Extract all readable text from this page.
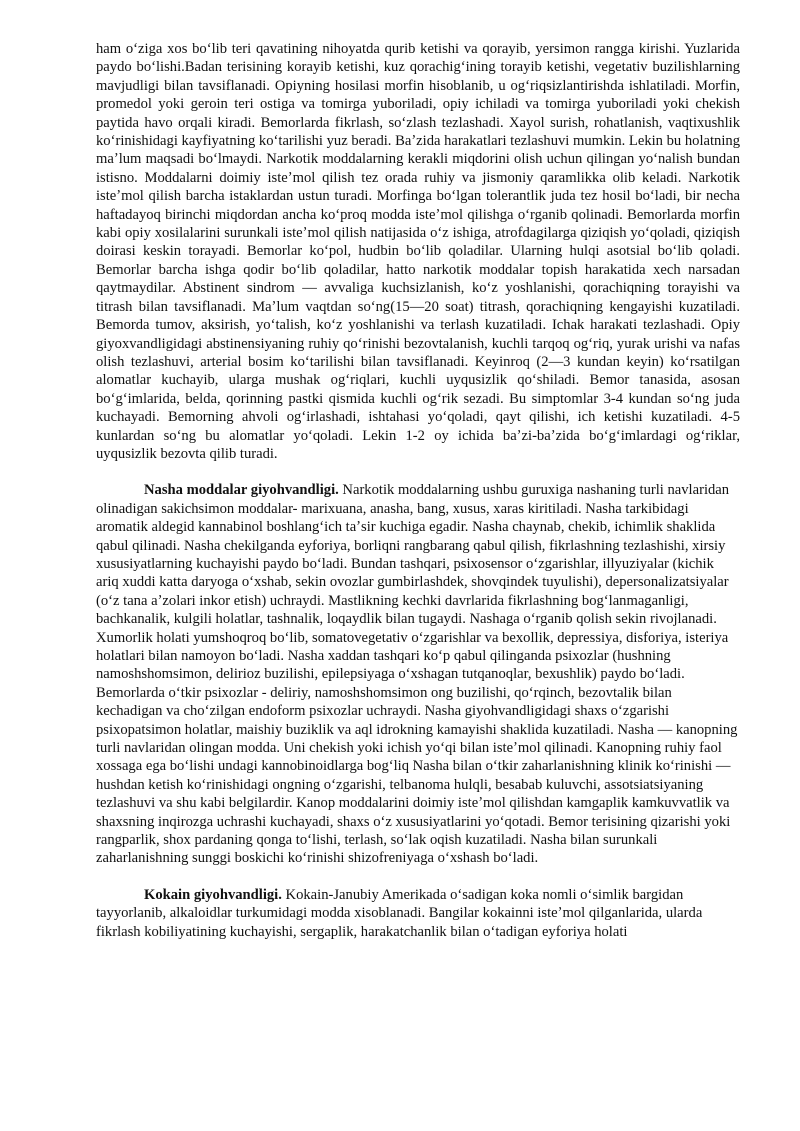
ham oʻziga xos boʻlib teri qavatining nihoyatda qurib ketishi va qorayib, yersimon rangga kirishi. Yuzlarida paydo boʻlishi.Badan terisining korayib ketishi, kuz qorachigʻining torayib ketishi, vegetativ buzilishlarning mavjudligi bilan tavsiflanadi. Opiyning hosilasi morfin hisoblanib, u ogʻriqsizlantirishda ishlatiladi. Morfin, promedol yoki geroin teri ostiga va tomirga yuboriladi, opiy ichiladi va tomirga yuboriladi yoki chekish paytida havo orqali kiradi. Bemorlarda fikrlash, soʻzlash tezlashadi. Xayol surish, rohatlanish, vaqtixushlik koʻrinishidagi kayfiyatning koʻtarilishi yuz beradi. Baʼzida harakatlari tezlashuvi mumkin. Lekin bu holatning maʼlum maqsadi boʻlmaydi. Narkotik moddalarning kerakli miqdorini olish uchun qilingan yoʻnalish bundan istisno. Moddalarni doimiy isteʼmol qilish tez orada ruhiy va jismoniy qaramlikka olib keladi. Narkotik isteʼmol qilish barcha istaklardan ustun turadi. Morfinga boʻlgan tolerantlik juda tez hosil boʻladi, bir necha haftadayoq birinchi miqdordan ancha koʻproq modda isteʼmol qilishga oʻrganib qolinadi. Bemorlarda morfin kabi opiy xosilalarini surunkali isteʼmol qilish natijasida oʻz ishiga, atrofdagilarga qiziqish yoʻqoladi, qiziqish doirasi keskin torayadi. Bemorlar koʻpol, hudbin boʻlib qoladilar. Ularning hulqi asotsial boʻlib qoladi. Bemorlar barcha ishga qodir boʻlib qoladilar, hatto narkotik moddalar topish harakatida xech narsadan qaytmaydilar. Abstinent sindrom — avvaliga kuchsizlanish, koʻz yoshlanishi, qorachiqning torayishi va titrash bilan tavsiflanadi. Maʼlum vaqtdan soʻng(15—20 soat) titrash, qorachiqning kengayishi kuzatiladi. Bemorda tumov, aksirish, yoʻtalish, koʻz yoshlanishi va terlash kuzatiladi. Ichak harakati tezlashadi. Opiy giyoxvandligidagi abstinensiyaning ruhiy qoʻrinishi bezovtalanish, kuchli tarqoq ogʻriq, yurak urishi va nafas olish tezlashuvi, arterial bosim koʻtarilishi bilan tavsiflanadi. Keyinroq (2—3 kundan keyin) koʻrsatilgan alomatlar kuchayib, ularga mushak ogʻriqlari, kuchli uyqusizlik qoʻshiladi. Bemor tanasida, asosan boʻgʻimlarida, belda, qorinning pastki qismida kuchli ogʻrik sezadi. Bu simptomlar 3-4 kundan soʻng juda kuchayadi. Bemorning ahvoli ogʻirlashadi, ishtahasi yoʻqoladi, qayt qilishi, ich ketishi kuzatiladi. 4-5 kunlardan soʻng bu alomatlar yoʻqoladi. Lekin 1-2 oy ichida baʼzi-baʼzida boʻgʻimlardagi ogʻriklar, uyqusizlik bezovta qilib turadi.

Nasha moddalar giyohvandligi. Narkotik moddalarning ushbu guruxiga nashaning turli navlaridan olinadigan sakichsimon moddalar- marixuana, anasha, bang, xusus, xaras kiritiladi. Nasha tarkibidagi aromatik aldegid kannabinol boshlangʻich taʼsir kuchiga egadir. Nasha chaynab, chekib, ichimlik shaklida qabul qilinadi. Nasha chekilganda eyforiya, borliqni rangbarang qabul qilish, fikrlashning tezlashishi, xirsiy xususiyatlarning kuchayishi paydo boʻladi. Bundan tashqari, psixosensor oʻzgarishlar, illyuziyalar (kichik ariq xuddi katta daryoga oʻxshab, sekin ovozlar gumbirlashdek, shovqindek tuyulishi), depersonalizatsiyalar (oʻz tana aʼzolari inkor etish) uchraydi. Mastlikning kechki davrlarida fikrlashning bogʻlanmaganligi, bachkanalik, kulgili holatlar, tashnalik, loqaydlik bilan tugaydi. Nashaga oʻrganib qolish sekin rivojlanadi. Xumorlik holati yumshoqroq boʻlib, somatovegetativ oʻzgarishlar va bexollik, depressiya, disforiya, isteriya holatlari bilan namoyon boʻladi. Nasha xaddan tashqari koʻp qabul qilinganda psixozlar (hushning namoshshomsimon, delirioz buzilishi, epilepsiyaga oʻxshagan tutqanoqlar, bexushlik) paydo boʻladi. Bemorlarda oʻtkir psixozlar - deliriy, namoshshomsimon ong buzilishi, qoʻrqinch, bezovtalik bilan kechadigan va choʻzilgan endoform psixozlar uchraydi. Nasha giyohvandligidagi shaxs oʻzgarishi psixopatsimon holatlar, maishiy buziklik va aql idrokning kamayishi shaklida kuzatiladi. Nasha — kanopning turli navlaridan olingan modda. Uni chekish yoki ichish yoʻqi bilan isteʼmol qilinadi. Kanopning ruhiy faol xossaga ega boʻlishi undagi kannobinoidlarga bogʻliq Nasha bilan oʻtkir zaharlanishning klinik koʻrinishi — hushdan ketish koʻrinishidagi ongning oʻzgarishi, telbanoma hulqli, besabab kuluvchi, assotsiatsiyaning tezlashuvi va shu kabi belgilardir. Kanop moddalarini doimiy isteʼmol qilishdan kamgaplik kamkuvvatlik va shaxsning inqirozga uchrashi kuchayadi, shaxs oʻz xususiyatlarini yoʻqotadi. Bemor terisining qizarishi yoki rangparlik, shox pardaning qonga toʻlishi, terlash, soʻlak oqish kuzatiladi. Nasha bilan surunkali zaharlanishning sunggi boskichi koʻrinishi shizofreniyaga oʻxshash boʻladi.

Kokain giyohvandligi. Kokain-Janubiy Amerikada oʻsadigan koka nomli oʻsimlik bargidan tayyorlanib, alkaloidlar turkumidagi modda xisoblanadi. Bangilar kokainni isteʼmol qilganlarida, ularda fikrlash kobiliyatining kuchayishi, sergaplik, harakatchanlik bilan oʻtadigan eyforiya holati
